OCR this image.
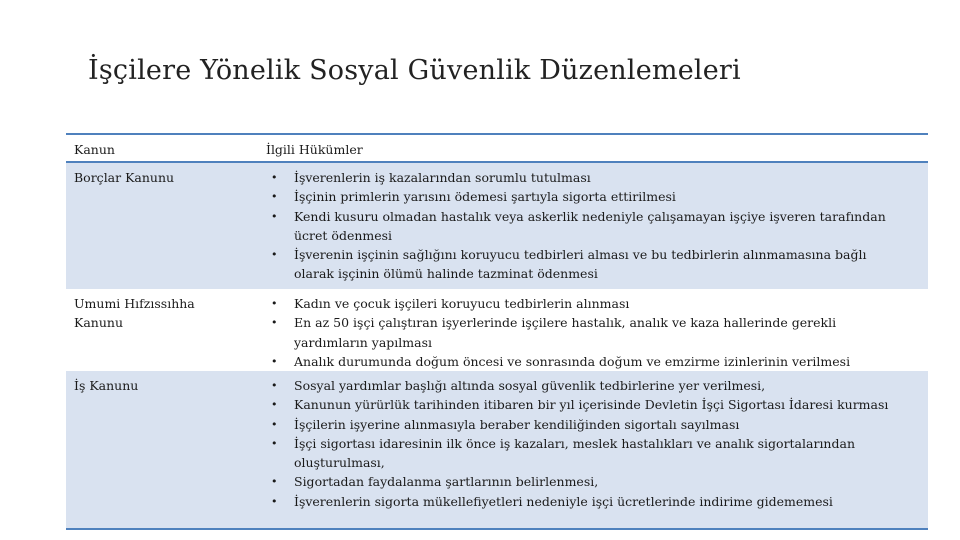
İşçilere Yönelik Sosyal Güvenlik Düzenlemeleri
Kanun	İlgili Hükümler
Borçlar Kanunu	• İşverenlerin iş kazalarından sorumlu tutulması
• İşçinin primlerin yarısını ödemesi şartıyla sigorta ettirilmesi
• Kendi kusuru olmadan hastalık veya askerlik nedeniyle çalışamayan işçiye işveren tarafından ücret ödenmesi
• İşverenin işçinin sağlığını koruyucu tedbirleri alması ve bu tedbirlerin alınmamasına bağlı olarak işçinin ölümü halinde tazminat ödenmesi
Umumi Hıfzıssıhha Kanunu
• Kadın ve çocuk işçileri koruyucu tedbirlerin alınması
• En az 50 işçi çalıştıran işyerlerinde işçilere hastalık, analık ve kaza hallerinde gerekli yardımların yapılması
• Analık durumunda doğum öncesi ve sonrasında doğum ve emzirme izinlerinin verilmesi
İş Kanunu	• Sosyal yardımlar başlığı altında sosyal güvenlik tedbirlerine yer verilmesi,
• Kanunun yürürlük tarihinden itibaren bir yıl içerisinde Devletin İşçi Sigortası İdaresi kurması
• İşçilerin işyerine alınmasıyla beraber kendiliğinden sigortalı sayılması
• İşçi sigortası idaresinin ilk önce iş kazaları, meslek hastalıkları ve analık sigortalarından oluşturulması,
• Sigortadan faydalanma şartlarının belirlenmesi,
• İşverenlerin sigorta mükellefiyetleri nedeniyle işçi ücretlerinde indirime gidememesi
